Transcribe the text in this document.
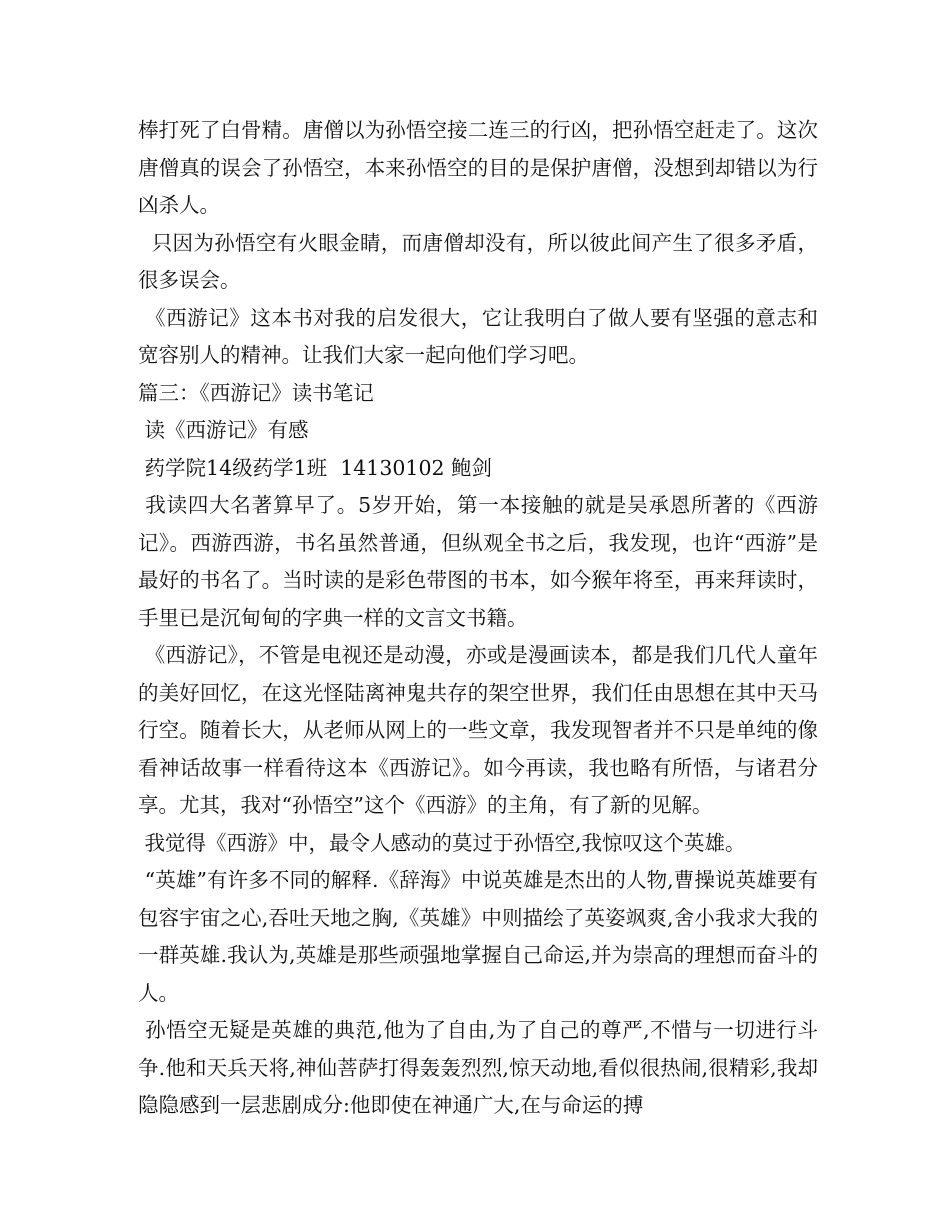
棒打死了白骨精。唐僧以为孙悟空接二连三的行凶，把孙悟空赶走了。这次唐僧真的误会了孙悟空，本来孙悟空的目的是保护唐僧，没想到却错以为行凶杀人。

只因为孙悟空有火眼金睛，而唐僧却没有，所以彼此间产生了很多矛盾，很多误会。

《西游记》这本书对我的启发很大，它让我明白了做人要有坚强的意志和宽容别人的精神。让我们大家一起向他们学习吧。

篇三：《西游记》读书笔记

读《西游记》有感

药学院14级药学1班  14130102 鲍剑

我读四大名著算早了。5岁开始，第一本接触的就是吴承恩所著的《西游记》。西游西游，书名虽然普通，但纵观全书之后，我发现，也许“西游”是最好的书名了。当时读的是彩色带图的书本，如今猴年将至，再来拜读时，手里已是沉甸甸的字典一样的文言文书籍。

《西游记》，不管是电视还是动漫，亦或是漫画读本，都是我们几代人童年的美好回忆，在这光怪陆离神鬼共存的架空世界，我们任由思想在其中天马行空。随着长大，从老师从网上的一些文章，我发现智者并不只是单纯的像看神话故事一样看待这本《西游记》。如今再读，我也略有所悟，与诸君分享。尤其，我对“孙悟空”这个《西游》的主角，有了新的见解。

我觉得《西游》中，最令人感动的莫过于孙悟空,我惊叹这个英雄。

“英雄”有许多不同的解释.《辞海》中说英雄是杰出的人物,曹操说英雄要有包容宇宙之心,吞吐天地之胸,《英雄》中则描绘了英姿飒爽,舍小我求大我的一群英雄.我认为,英雄是那些顽强地掌握自己命运,并为崇高的理想而奋斗的人。

孙悟空无疑是英雄的典范,他为了自由,为了自己的尊严,不惜与一切进行斗争.他和天兵天将,神仙菩萨打得轰轰烈烈,惊天动地,看似很热闹,很精彩,我却隐隐感到一层悲剧成分:他即使在神通广大,在与命运的搏
